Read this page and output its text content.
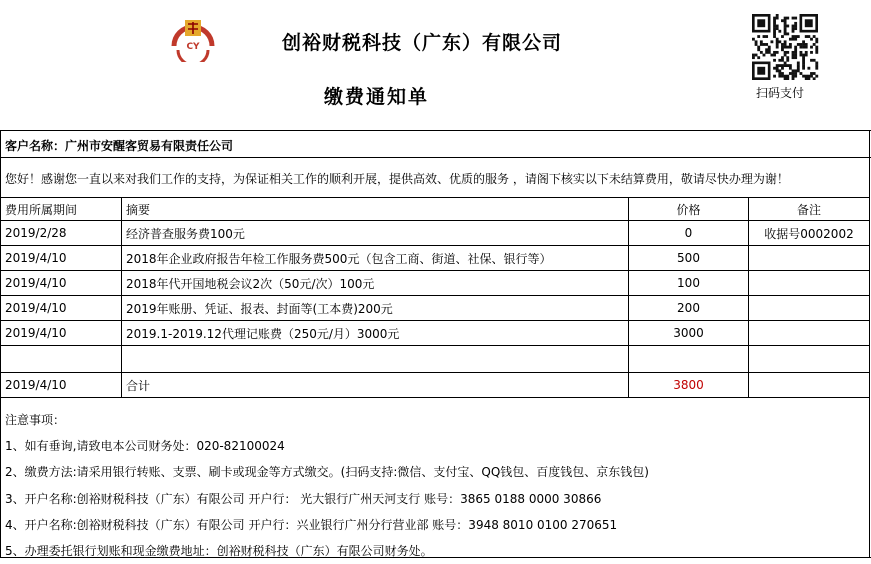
CY	创裕财税科技（广东）有限公司
缴费通知单	扫码支付
客户名称：广州市安醒客贸易有限责任公司
您好！感谢您一直以来对我们工作的支持，为保证相关工作的顺利开展，提供高效、优质的服务 ，请阁下核实以下未结算费用，敬请尽快办理为谢！
费用所属期间	摘要	价格	备注
2019/2/28	经济普查服务费100元	0	收据号0002002
2019/4/10	2018年企业政府报告年检工作服务费500元（包含工商、街道、社保、银行等）	500	
2019/4/10	2018年代开国地税会议2次（50元/次）100元	100	
2019/4/10	2019年账册、凭证、报表、封面等(工本费)200元	200	
2019/4/10	2019.1-2019.12代理记账费（250元/月）3000元	3000	

2019/4/10	合计	3800	
注意事项：
1、如有垂询,请致电本公司财务处：020-82100024
2、缴费方法:请采用银行转账、支票、刷卡或现金等方式缴交。(扫码支持:微信、支付宝、QQ钱包、百度钱包、京东钱包)
3、开户名称:创裕财税科技（广东）有限公司 开户行： 光大银行广州天河支行 账号：3865 0188 0000 30866
4、开户名称:创裕财税科技（广东）有限公司 开户行：兴业银行广州分行营业部 账号：3948 8010 0100 270651
5、办理委托银行划账和现金缴费地址：创裕财税科技（广东）有限公司财务处。
